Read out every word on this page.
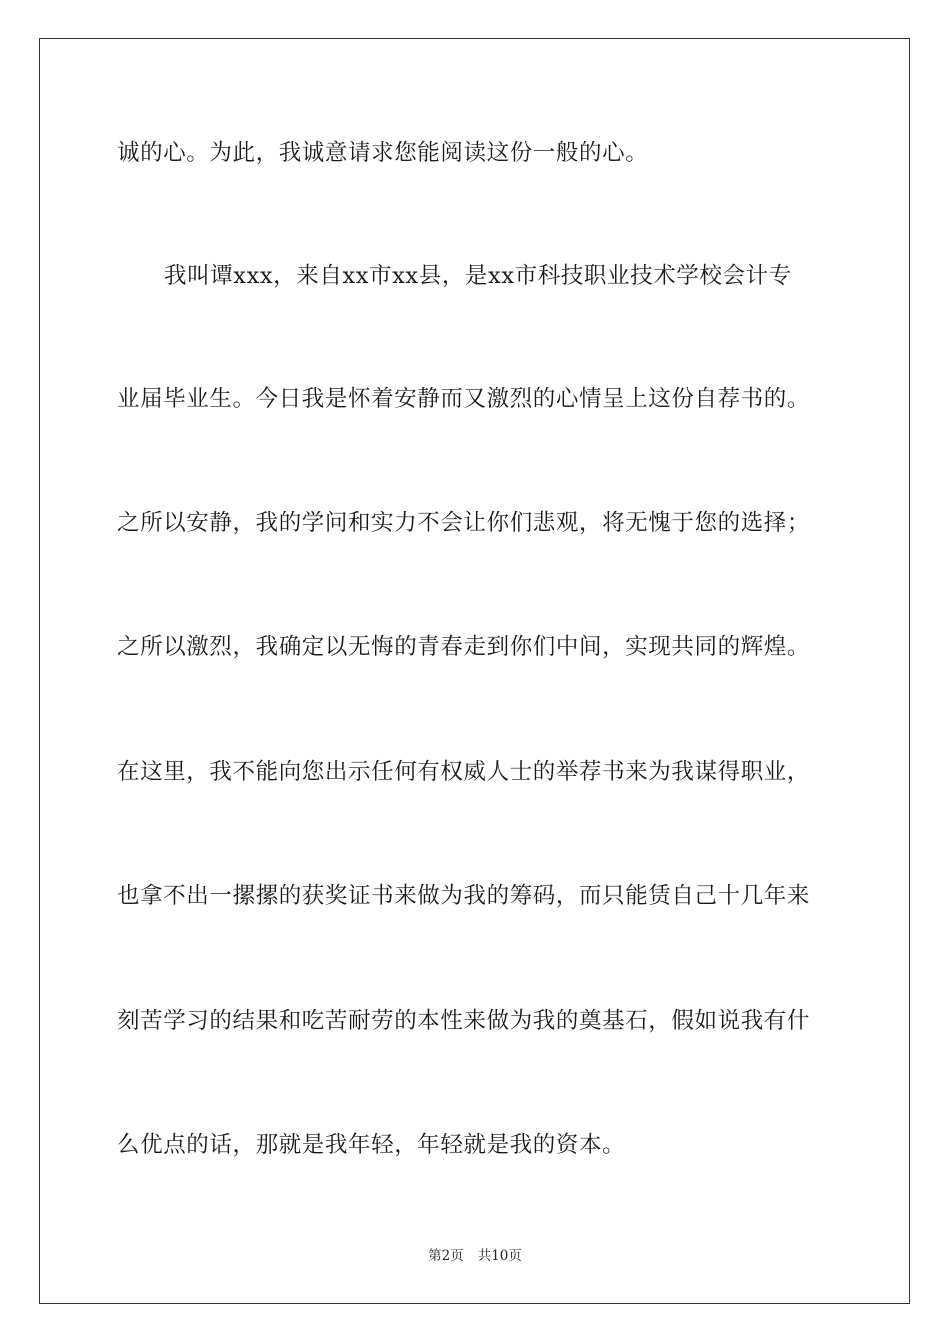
诚的心。为此，我诚意请求您能阅读这份一般的心。

我叫谭xxx，来自xx市xx县，是xx市科技职业技术学校会计专

业届毕业生。今日我是怀着安静而又激烈的心情呈上这份自荐书的。

之所以安静，我的学问和实力不会让你们悲观，将无愧于您的选择；

之所以激烈，我确定以无悔的青春走到你们中间，实现共同的辉煌。

在这里，我不能向您出示任何有权威人士的举荐书来为我谋得职业，

也拿不出一摞摞的获奖证书来做为我的筹码，而只能赁自己十几年来

刻苦学习的结果和吃苦耐劳的本性来做为我的奠基石，假如说我有什

么优点的话，那就是我年轻，年轻就是我的资本。

第2页 共10页
